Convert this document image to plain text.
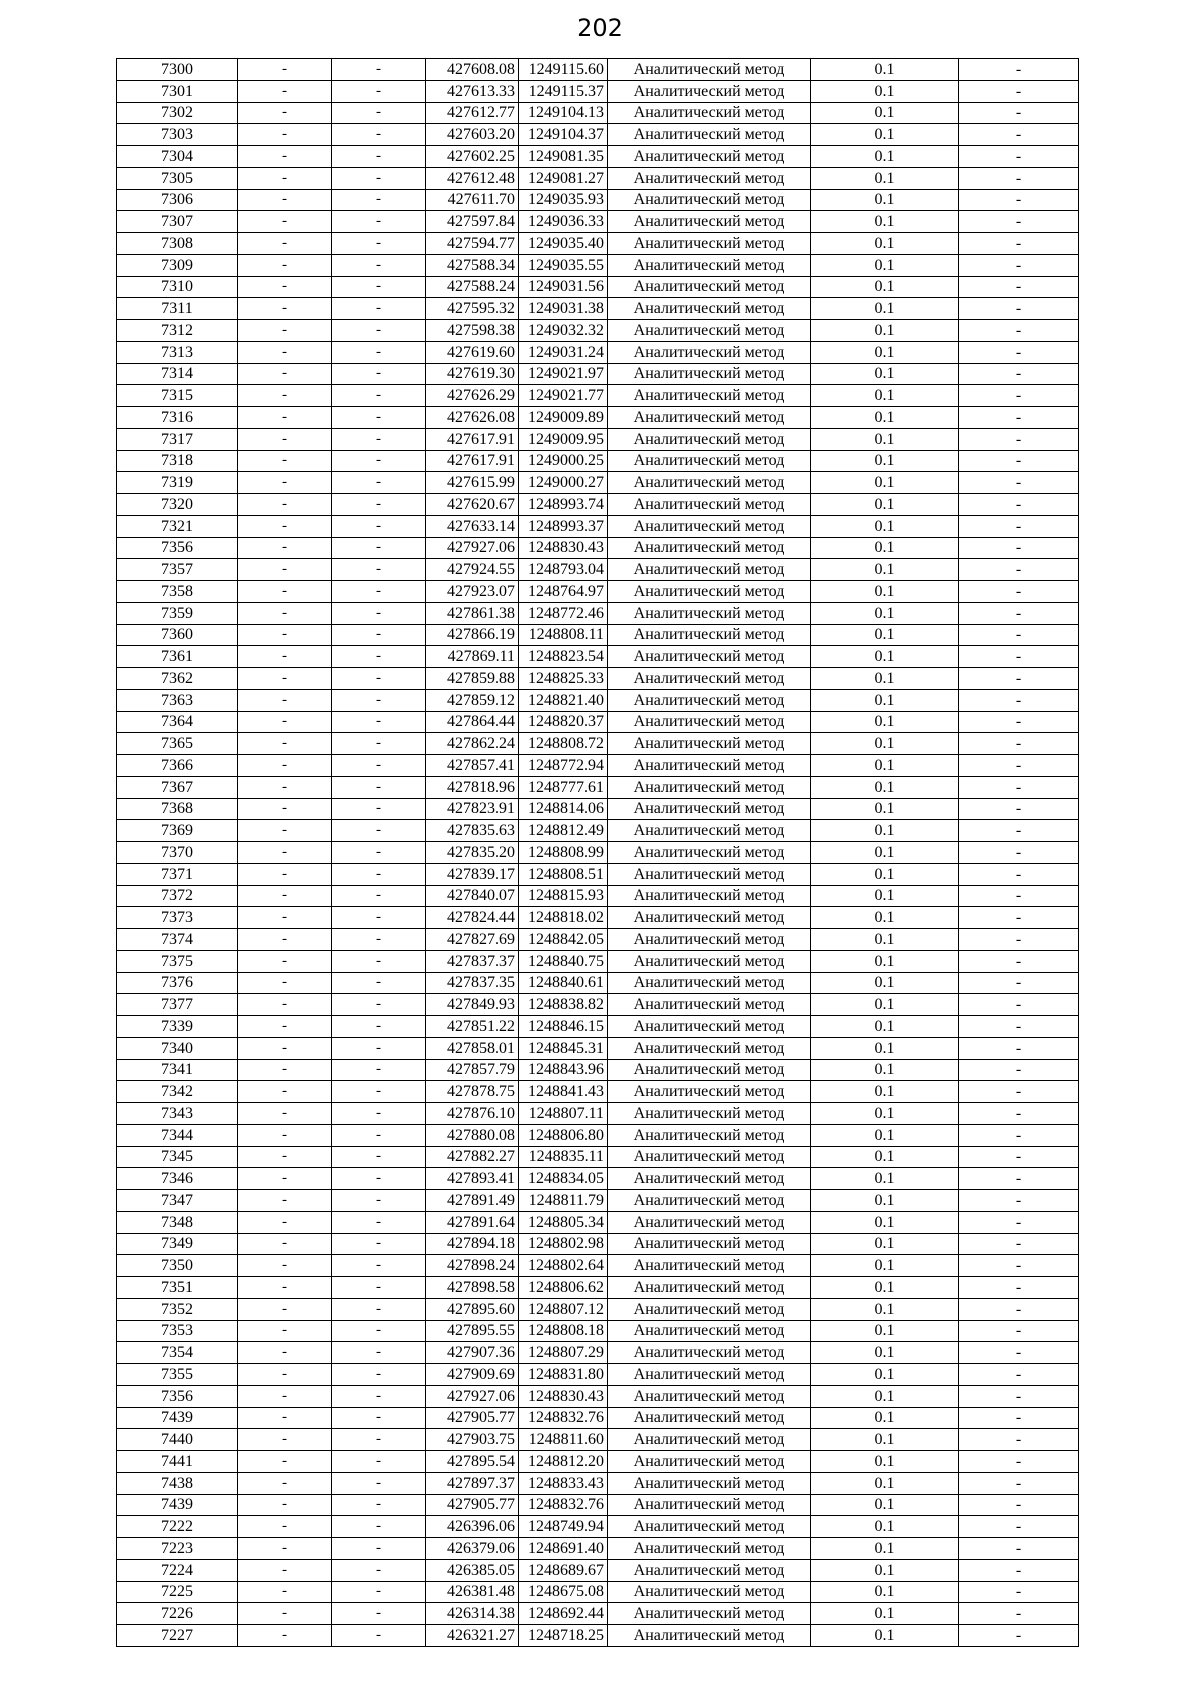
202
7300	-	-	427608.08	1249115.60	Аналитический метод	0.1	-
7301	-	-	427613.33	1249115.37	Аналитический метод	0.1	-
7302	-	-	427612.77	1249104.13	Аналитический метод	0.1	-
7303	-	-	427603.20	1249104.37	Аналитический метод	0.1	-
7304	-	-	427602.25	1249081.35	Аналитический метод	0.1	-
7305	-	-	427612.48	1249081.27	Аналитический метод	0.1	-
7306	-	-	427611.70	1249035.93	Аналитический метод	0.1	-
7307	-	-	427597.84	1249036.33	Аналитический метод	0.1	-
7308	-	-	427594.77	1249035.40	Аналитический метод	0.1	-
7309	-	-	427588.34	1249035.55	Аналитический метод	0.1	-
7310	-	-	427588.24	1249031.56	Аналитический метод	0.1	-
7311	-	-	427595.32	1249031.38	Аналитический метод	0.1	-
7312	-	-	427598.38	1249032.32	Аналитический метод	0.1	-
7313	-	-	427619.60	1249031.24	Аналитический метод	0.1	-
7314	-	-	427619.30	1249021.97	Аналитический метод	0.1	-
7315	-	-	427626.29	1249021.77	Аналитический метод	0.1	-
7316	-	-	427626.08	1249009.89	Аналитический метод	0.1	-
7317	-	-	427617.91	1249009.95	Аналитический метод	0.1	-
7318	-	-	427617.91	1249000.25	Аналитический метод	0.1	-
7319	-	-	427615.99	1249000.27	Аналитический метод	0.1	-
7320	-	-	427620.67	1248993.74	Аналитический метод	0.1	-
7321	-	-	427633.14	1248993.37	Аналитический метод	0.1	-
7356	-	-	427927.06	1248830.43	Аналитический метод	0.1	-
7357	-	-	427924.55	1248793.04	Аналитический метод	0.1	-
7358	-	-	427923.07	1248764.97	Аналитический метод	0.1	-
7359	-	-	427861.38	1248772.46	Аналитический метод	0.1	-
7360	-	-	427866.19	1248808.11	Аналитический метод	0.1	-
7361	-	-	427869.11	1248823.54	Аналитический метод	0.1	-
7362	-	-	427859.88	1248825.33	Аналитический метод	0.1	-
7363	-	-	427859.12	1248821.40	Аналитический метод	0.1	-
7364	-	-	427864.44	1248820.37	Аналитический метод	0.1	-
7365	-	-	427862.24	1248808.72	Аналитический метод	0.1	-
7366	-	-	427857.41	1248772.94	Аналитический метод	0.1	-
7367	-	-	427818.96	1248777.61	Аналитический метод	0.1	-
7368	-	-	427823.91	1248814.06	Аналитический метод	0.1	-
7369	-	-	427835.63	1248812.49	Аналитический метод	0.1	-
7370	-	-	427835.20	1248808.99	Аналитический метод	0.1	-
7371	-	-	427839.17	1248808.51	Аналитический метод	0.1	-
7372	-	-	427840.07	1248815.93	Аналитический метод	0.1	-
7373	-	-	427824.44	1248818.02	Аналитический метод	0.1	-
7374	-	-	427827.69	1248842.05	Аналитический метод	0.1	-
7375	-	-	427837.37	1248840.75	Аналитический метод	0.1	-
7376	-	-	427837.35	1248840.61	Аналитический метод	0.1	-
7377	-	-	427849.93	1248838.82	Аналитический метод	0.1	-
7339	-	-	427851.22	1248846.15	Аналитический метод	0.1	-
7340	-	-	427858.01	1248845.31	Аналитический метод	0.1	-
7341	-	-	427857.79	1248843.96	Аналитический метод	0.1	-
7342	-	-	427878.75	1248841.43	Аналитический метод	0.1	-
7343	-	-	427876.10	1248807.11	Аналитический метод	0.1	-
7344	-	-	427880.08	1248806.80	Аналитический метод	0.1	-
7345	-	-	427882.27	1248835.11	Аналитический метод	0.1	-
7346	-	-	427893.41	1248834.05	Аналитический метод	0.1	-
7347	-	-	427891.49	1248811.79	Аналитический метод	0.1	-
7348	-	-	427891.64	1248805.34	Аналитический метод	0.1	-
7349	-	-	427894.18	1248802.98	Аналитический метод	0.1	-
7350	-	-	427898.24	1248802.64	Аналитический метод	0.1	-
7351	-	-	427898.58	1248806.62	Аналитический метод	0.1	-
7352	-	-	427895.60	1248807.12	Аналитический метод	0.1	-
7353	-	-	427895.55	1248808.18	Аналитический метод	0.1	-
7354	-	-	427907.36	1248807.29	Аналитический метод	0.1	-
7355	-	-	427909.69	1248831.80	Аналитический метод	0.1	-
7356	-	-	427927.06	1248830.43	Аналитический метод	0.1	-
7439	-	-	427905.77	1248832.76	Аналитический метод	0.1	-
7440	-	-	427903.75	1248811.60	Аналитический метод	0.1	-
7441	-	-	427895.54	1248812.20	Аналитический метод	0.1	-
7438	-	-	427897.37	1248833.43	Аналитический метод	0.1	-
7439	-	-	427905.77	1248832.76	Аналитический метод	0.1	-
7222	-	-	426396.06	1248749.94	Аналитический метод	0.1	-
7223	-	-	426379.06	1248691.40	Аналитический метод	0.1	-
7224	-	-	426385.05	1248689.67	Аналитический метод	0.1	-
7225	-	-	426381.48	1248675.08	Аналитический метод	0.1	-
7226	-	-	426314.38	1248692.44	Аналитический метод	0.1	-
7227	-	-	426321.27	1248718.25	Аналитический метод	0.1	-
